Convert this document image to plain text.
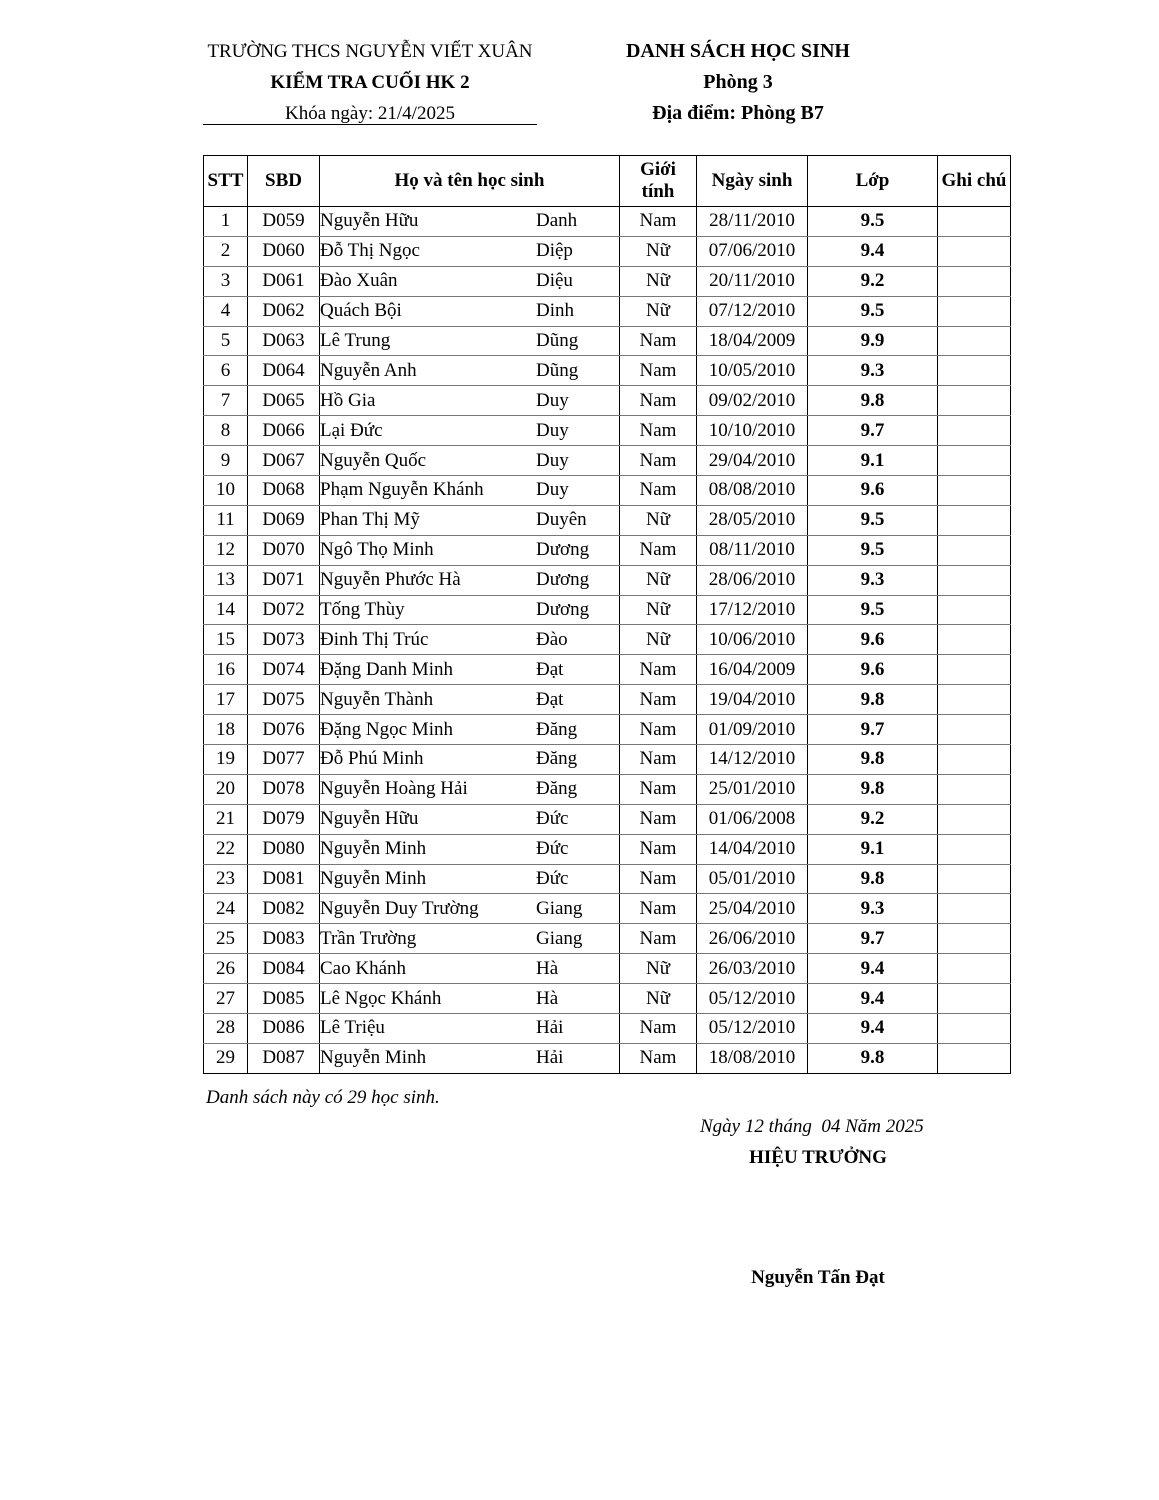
TRƯỜNG THCS NGUYỄN VIẾT XUÂN
KIỂM TRA CUỐI HK 2
Khóa ngày: 21/4/2025
DANH SÁCH HỌC SINH
Phòng 3
Địa điểm: Phòng B7
STT	SBD	Họ và tên học sinh	Giới
tính	Ngày sinh	Lớp	Ghi chú
1	D059	Nguyễn Hữu Danh	Nam	28/11/2010	9.5	
2	D060	Đỗ Thị Ngọc Diệp	Nữ	07/06/2010	9.4	
3	D061	Đào Xuân Diệu	Nữ	20/11/2010	9.2	
4	D062	Quách Bội Dinh	Nữ	07/12/2010	9.5	
5	D063	Lê Trung Dũng	Nam	18/04/2009	9.9	
6	D064	Nguyễn Anh Dũng	Nam	10/05/2010	9.3	
7	D065	Hồ Gia Duy	Nam	09/02/2010	9.8	
8	D066	Lại Đức Duy	Nam	10/10/2010	9.7	
9	D067	Nguyễn Quốc Duy	Nam	29/04/2010	9.1	
10	D068	Phạm Nguyễn Khánh Duy	Nam	08/08/2010	9.6	
11	D069	Phan Thị Mỹ Duyên	Nữ	28/05/2010	9.5	
12	D070	Ngô Thọ Minh Dương	Nam	08/11/2010	9.5	
13	D071	Nguyễn Phước Hà Dương	Nữ	28/06/2010	9.3	
14	D072	Tống Thùy Dương	Nữ	17/12/2010	9.5	
15	D073	Đinh Thị Trúc Đào	Nữ	10/06/2010	9.6	
16	D074	Đặng Danh Minh Đạt	Nam	16/04/2009	9.6	
17	D075	Nguyễn Thành Đạt	Nam	19/04/2010	9.8	
18	D076	Đặng Ngọc Minh Đăng	Nam	01/09/2010	9.7	
19	D077	Đỗ Phú Minh Đăng	Nam	14/12/2010	9.8	
20	D078	Nguyễn Hoàng Hải Đăng	Nam	25/01/2010	9.8	
21	D079	Nguyễn Hữu Đức	Nam	01/06/2008	9.2	
22	D080	Nguyễn Minh Đức	Nam	14/04/2010	9.1	
23	D081	Nguyễn Minh Đức	Nam	05/01/2010	9.8	
24	D082	Nguyễn Duy Trường Giang	Nam	25/04/2010	9.3	
25	D083	Trần Trường Giang	Nam	26/06/2010	9.7	
26	D084	Cao Khánh Hà	Nữ	26/03/2010	9.4	
27	D085	Lê Ngọc Khánh Hà	Nữ	05/12/2010	9.4	
28	D086	Lê Triệu Hải	Nam	05/12/2010	9.4	
29	D087	Nguyễn Minh Hải	Nam	18/08/2010	9.8	
Danh sách này có 29 học sinh.
Ngày 12 tháng  04 Năm 2025
HIỆU TRƯỞNG
Nguyễn Tấn Đạt
